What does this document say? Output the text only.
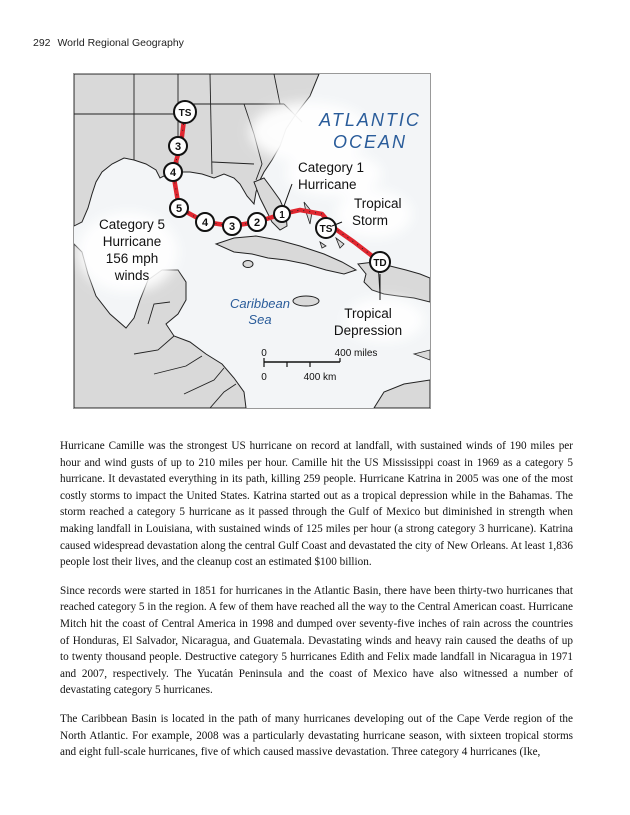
292 World Regional Geography
TS
3
4
5
4 3 2
1
TS
TD
ATLANTIC
OCEAN
Caribbean
Sea
Category 5
Hurricane
156 mph
winds
Category 1
Hurricane
Tropical
Storm
Tropical
Depression
0	400 miles
0	400 km

Hurricane Camille was the strongest US hurricane on record at landfall, with sustained winds of 190 miles per hour and wind gusts of up to 210 miles per hour. Camille hit the US Mississippi coast in 1969 as a category 5 hurricane. It devastated everything in its path, killing 259 people. Hurricane Katrina in 2005 was one of the most costly storms to impact the United States. Katrina started out as a tropical depression while in the Bahamas. The storm reached a category 5 hurricane as it passed through the Gulf of Mexico but diminished in strength when making landfall in Louisiana, with sustained winds of 125 miles per hour (a strong category 3 hurricane). Katrina caused widespread devastation along the central Gulf Coast and devastated the city of New Orleans. At least 1,836 people lost their lives, and the cleanup cost an estimated $100 billion.

Since records were started in 1851 for hurricanes in the Atlantic Basin, there have been thirty-two hurricanes that reached category 5 in the region. A few of them have reached all the way to the Central American coast. Hurricane Mitch hit the coast of Central America in 1998 and dumped over seventy-five inches of rain across the countries of Honduras, El Salvador, Nicaragua, and Guatemala. Devastating winds and heavy rain caused the deaths of up to twenty thousand people. Destructive category 5 hurricanes Edith and Felix made landfall in Nicaragua in 1971 and 2007, respectively. The Yucatán Peninsula and the coast of Mexico have also witnessed a number of devastating category 5 hurricanes.

The Caribbean Basin is located in the path of many hurricanes developing out of the Cape Verde region of the North Atlantic. For example, 2008 was a particularly devastating hurricane season, with sixteen tropical storms and eight full-scale hurricanes, five of which caused massive devastation. Three category 4 hurricanes (Ike,
